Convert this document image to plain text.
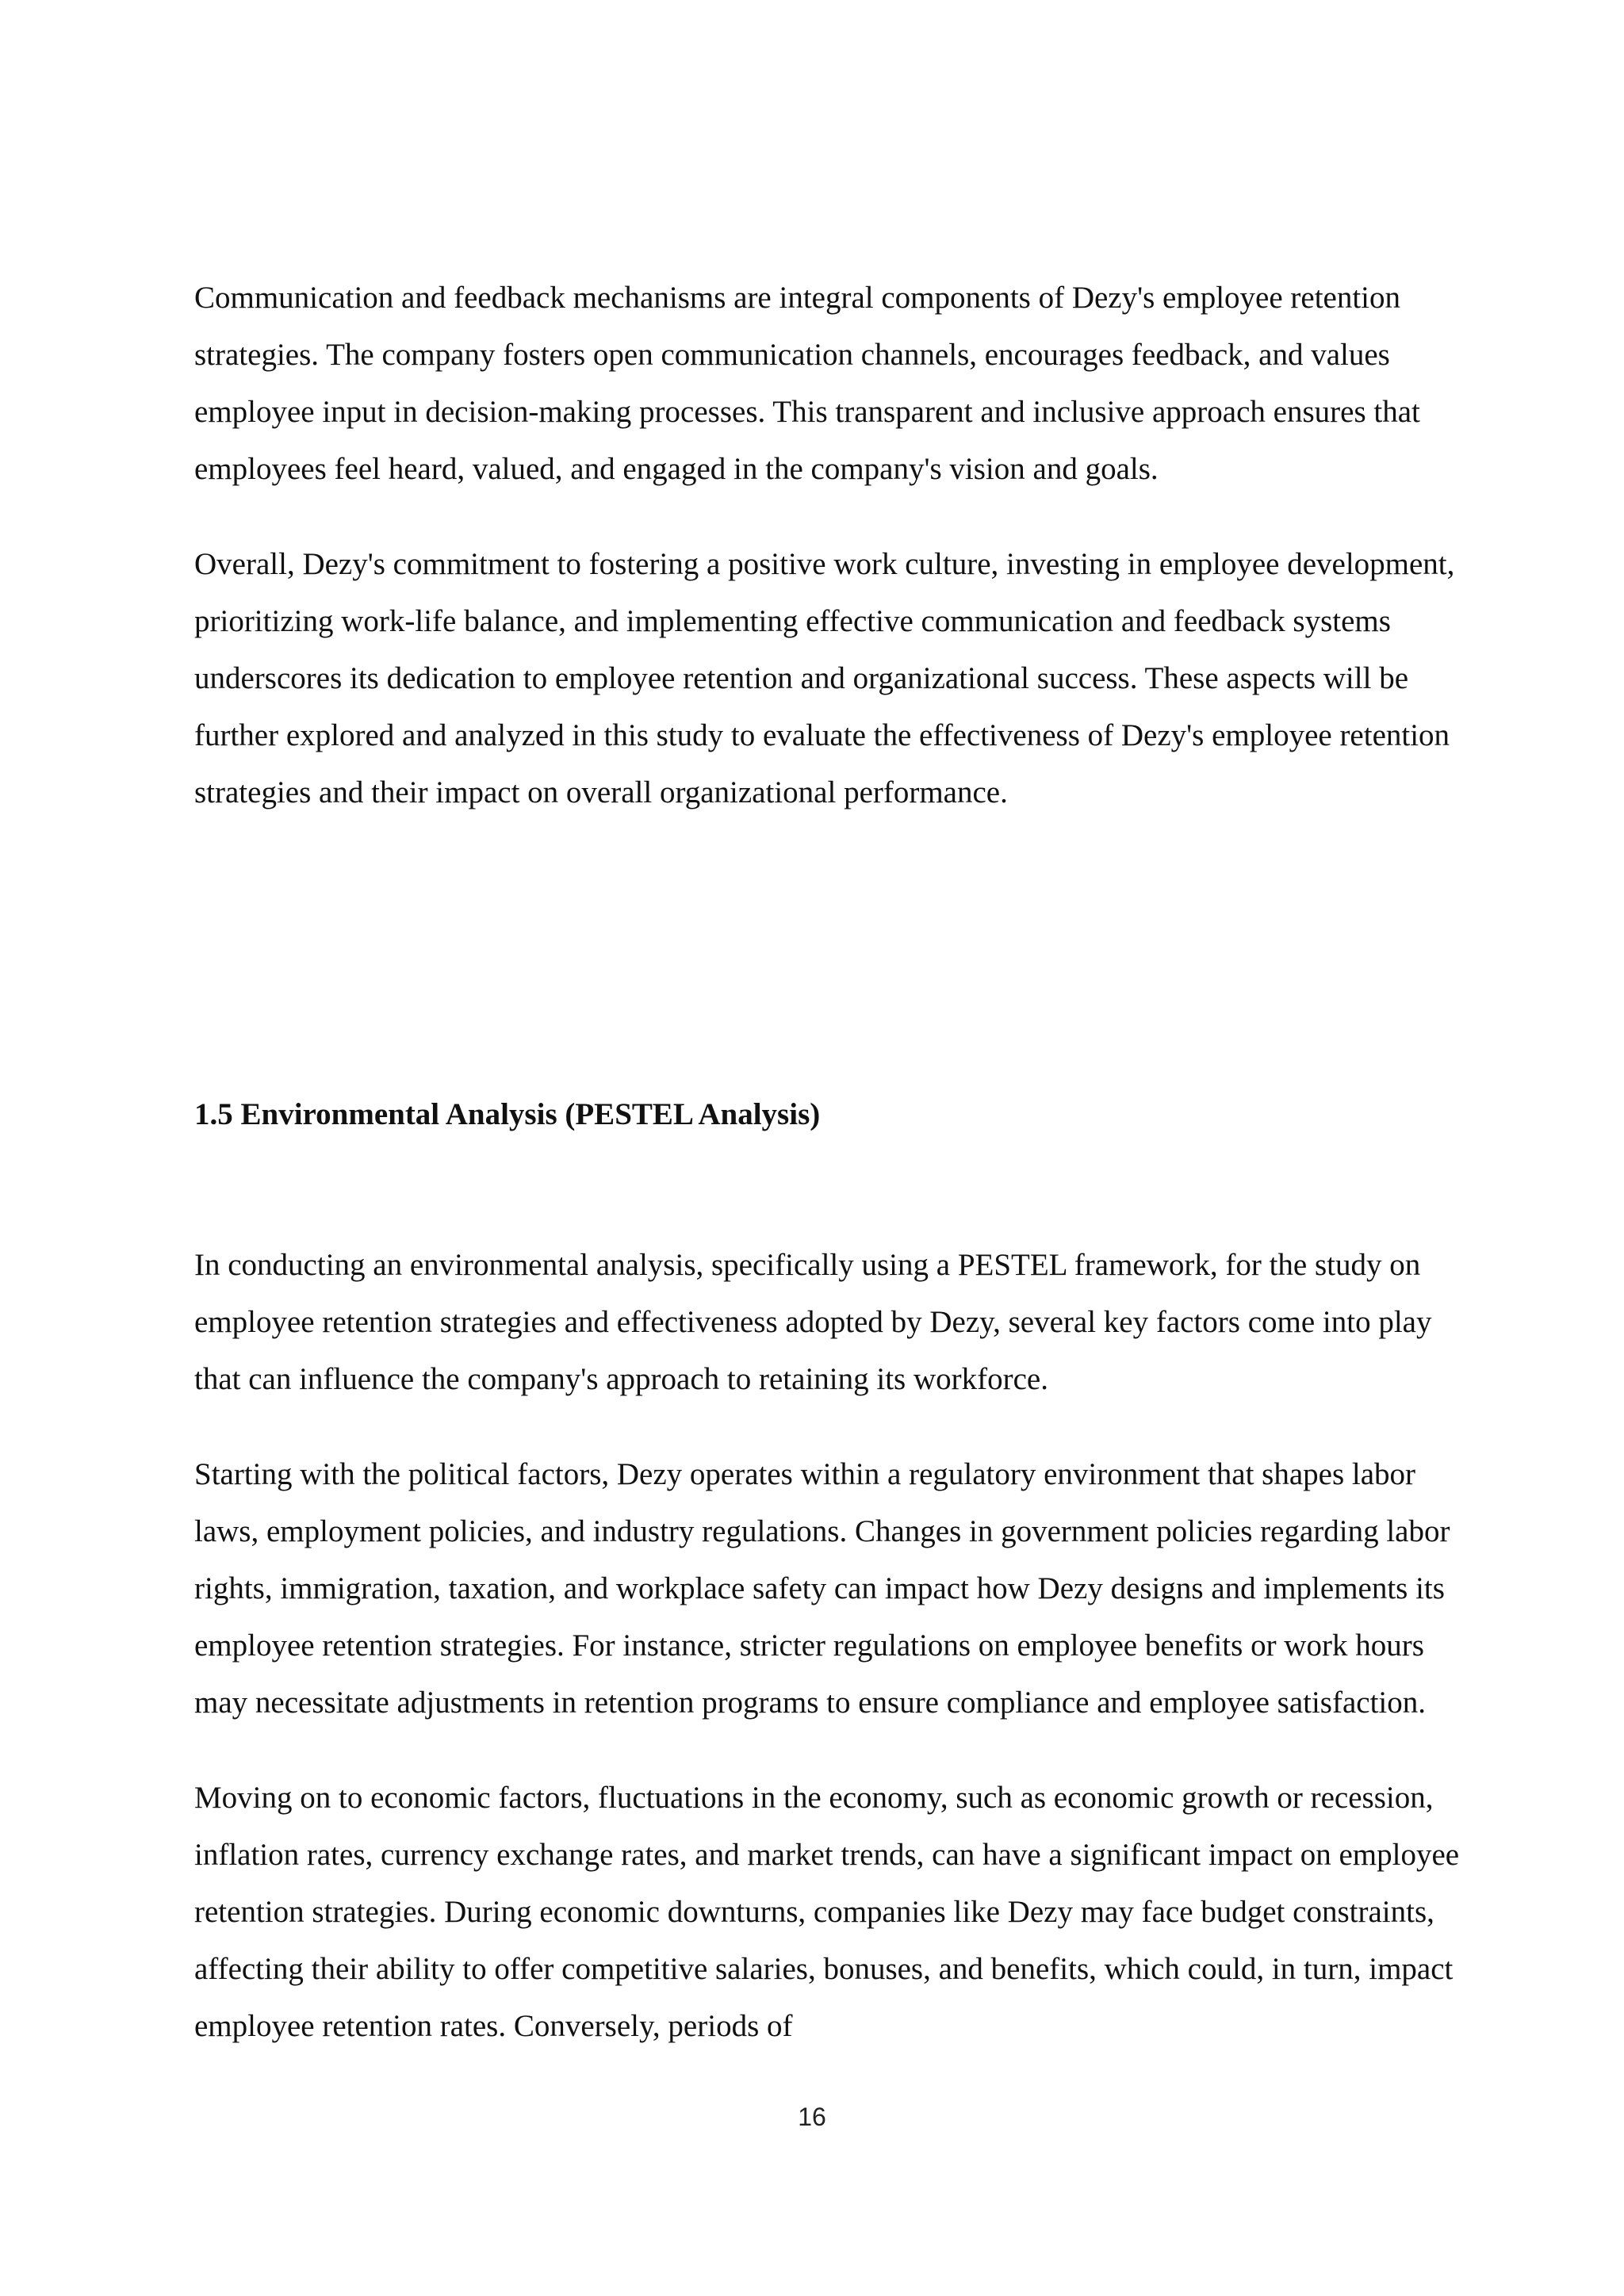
Communication and feedback mechanisms are integral components of Dezy's employee retention strategies. The company fosters open communication channels, encourages feedback, and values employee input in decision-making processes. This transparent and inclusive approach ensures that employees feel heard, valued, and engaged in the company's vision and goals.

Overall, Dezy's commitment to fostering a positive work culture, investing in employee development, prioritizing work-life balance, and implementing effective communication and feedback systems underscores its dedication to employee retention and organizational success. These aspects will be further explored and analyzed in this study to evaluate the effectiveness of Dezy's employee retention strategies and their impact on overall organizational performance.

1.5 Environmental Analysis (PESTEL Analysis)

In conducting an environmental analysis, specifically using a PESTEL framework, for the study on employee retention strategies and effectiveness adopted by Dezy, several key factors come into play that can influence the company's approach to retaining its workforce.

Starting with the political factors, Dezy operates within a regulatory environment that shapes labor laws, employment policies, and industry regulations. Changes in government policies regarding labor rights, immigration, taxation, and workplace safety can impact how Dezy designs and implements its employee retention strategies. For instance, stricter regulations on employee benefits or work hours may necessitate adjustments in retention programs to ensure compliance and employee satisfaction.

Moving on to economic factors, fluctuations in the economy, such as economic growth or recession, inflation rates, currency exchange rates, and market trends, can have a significant impact on employee retention strategies. During economic downturns, companies like Dezy may face budget constraints, affecting their ability to offer competitive salaries, bonuses, and benefits, which could, in turn, impact employee retention rates. Conversely, periods of

16
